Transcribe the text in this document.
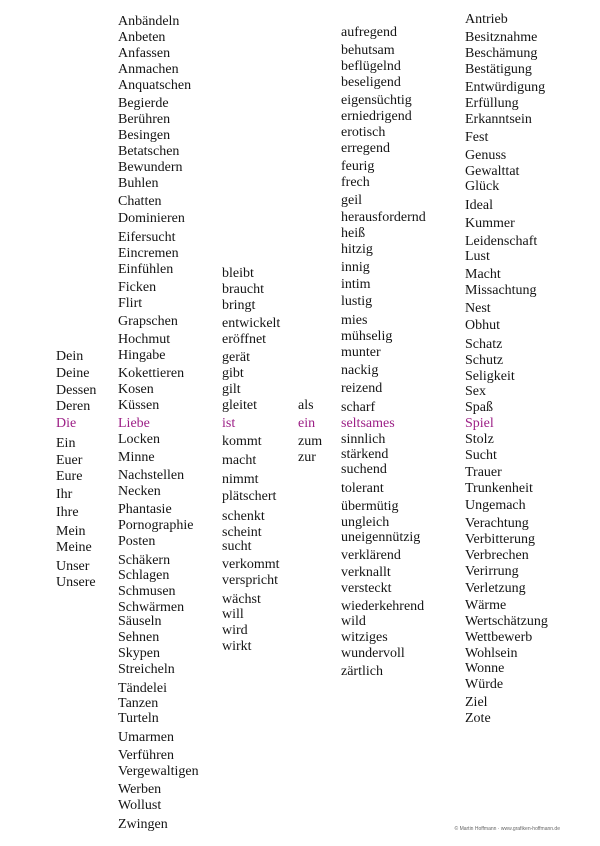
Dein
Deine
Dessen
Deren
Die
Ein
Euer
Eure
Ihr
Ihre
Mein
Meine
Unser
Unsere
Anbändeln
Anbeten
Anfassen
Anmachen
Anquatschen
Begierde
Berühren
Besingen
Betatschen
Bewundern
Buhlen
Chatten
Dominieren
Eifersucht
Eincremen
Einfühlen
Ficken
Flirt
Grapschen
Hochmut
Hingabe
Kokettieren
Kosen
Küssen
Liebe
Locken
Minne
Nachstellen
Necken
Phantasie
Pornographie
Posten
Schäkern
Schlagen
Schmusen
Schwärmen
Säuseln
Sehnen
Skypen
Streicheln
Tändelei
Tanzen
Turteln
Umarmen
Verführen
Vergewaltigen
Werben
Wollust
Zwingen
bleibt
braucht
bringt
entwickelt
eröffnet
gerät
gibt
gilt
gleitet
ist
kommt
macht
nimmt
plätschert
schenkt
scheint
sucht
verkommt
verspricht
wächst
will
wird
wirkt
als
ein
zum
zur
aufregend
behutsam
beflügelnd
beseligend
eigensüchtig
erniedrigend
erotisch
erregend
feurig
frech
geil
herausfordernd
heiß
hitzig
innig
intim
lustig
mies
mühselig
munter
nackig
reizend
scharf
seltsames
sinnlich
stärkend
suchend
tolerant
übermütig
ungleich
uneigennützig
verklärend
verknallt
versteckt
wiederkehrend
wild
witziges
wundervoll
zärtlich
Antrieb
Besitznahme
Beschämung
Bestätigung
Entwürdigung
Erfüllung
Erkanntsein
Fest
Genuss
Gewalttat
Glück
Ideal
Kummer
Leidenschaft
Lust
Macht
Missachtung
Nest
Obhut
Schatz
Schutz
Seligkeit
Sex
Spaß
Spiel
Stolz
Sucht
Trauer
Trunkenheit
Ungemach
Verachtung
Verbitterung
Verbrechen
Verirrung
Verletzung
Wärme
Wertschätzung
Wettbewerb
Wohlsein
Wonne
Würde
Ziel
Zote
© Martin Hoffmann · www.grafiken-hoffmann.de
